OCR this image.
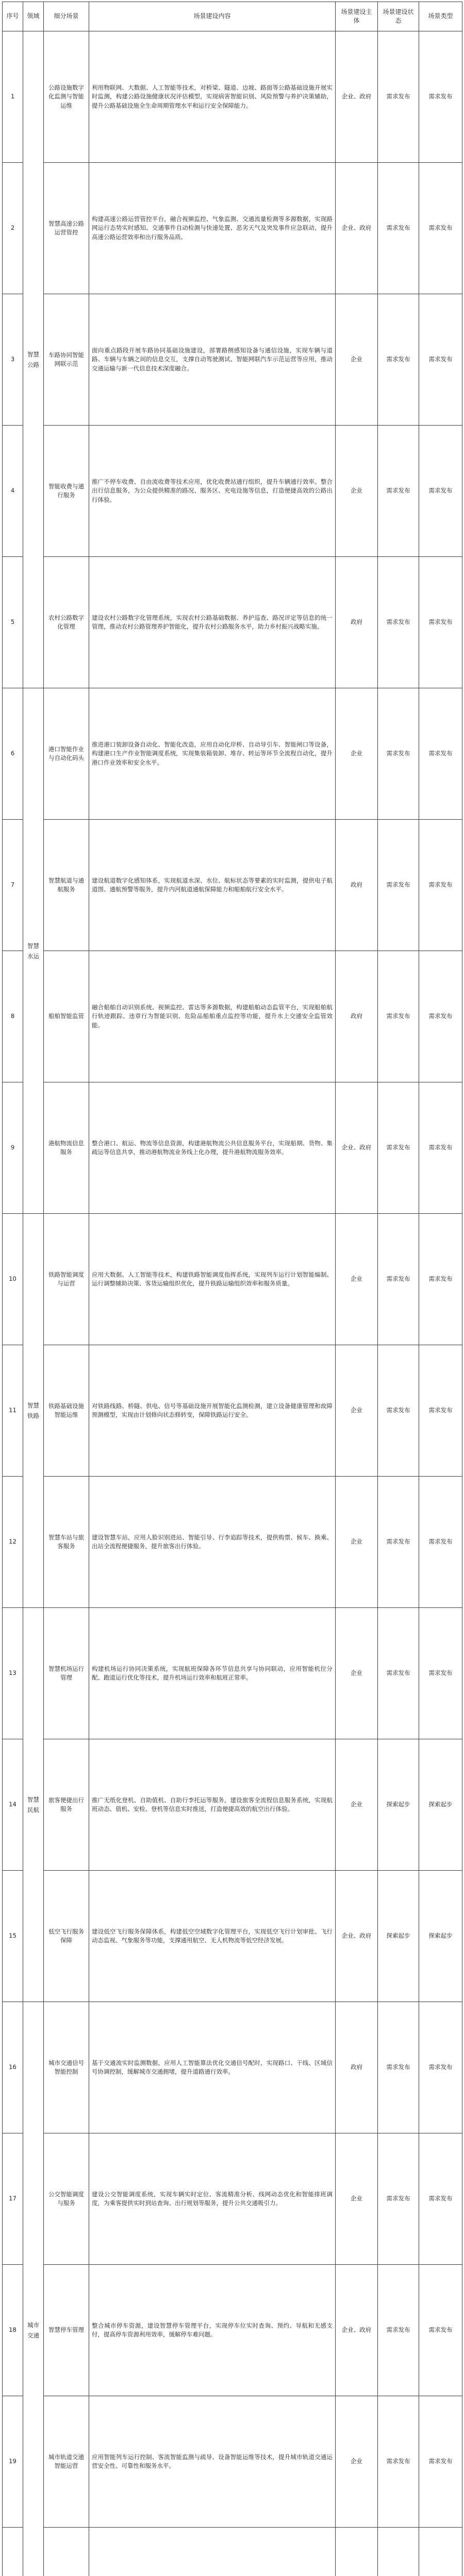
序号	领域	细分场景	场景建设内容	场景建设主体	场景建设状态	场景类型
1	智慧公路	公路设施数字化监测与智能运维	利用物联网、大数据、人工智能等技术，对桥梁、隧道、边坡、路面等公路基础设施开展实时监测，构建公路设施健康状况评估模型，实现病害智能识别、风险预警与养护决策辅助，提升公路基础设施全生命周期管理水平和运行安全保障能力。	企业、政府	需求发布	需求发布
2		智慧高速公路运营管控	构建高速公路运营管控平台，融合视频监控、气象监测、交通流量检测等多源数据，实现路网运行态势实时感知、交通事件自动检测与快速处置、恶劣天气及突发事件应急联动，提升高速公路运营效率和出行服务品质。	企业、政府	需求发布	需求发布
3		车路协同智能网联示范	面向重点路段开展车路协同基础设施建设，部署路侧感知设备与通信设施，实现车辆与道路、车辆与车辆之间的信息交互，支撑自动驾驶测试、智能网联汽车示范运营等应用，推动交通运输与新一代信息技术深度融合。	企业	需求发布	需求发布
4		智能收费与通行服务	推广不停车收费、自由流收费等技术应用，优化收费站通行组织，提升车辆通行效率。整合出行信息服务，为公众提供精准的路况、服务区、充电设施等信息，打造便捷高效的公路出行体验。	企业	需求发布	需求发布
5		农村公路数字化管理	建设农村公路数字化管理系统，实现农村公路基础数据、养护巡查、路况评定等信息的统一管理，推动农村公路管理养护智能化，提升农村公路服务水平，助力乡村振兴战略实施。	政府	需求发布	需求发布
6	智慧水运	港口智能作业与自动化码头	推进港口装卸设备自动化、智能化改造，应用自动化岸桥、自动导引车、智能闸口等设备，构建港口生产作业智能调度系统，实现集装箱装卸、堆存、转运等环节全流程自动化，提升港口作业效率和安全水平。	企业	需求发布	需求发布
7		智慧航道与通航服务	建设航道数字化感知体系，实现航道水深、水位、航标状态等要素的实时监测，提供电子航道图、通航预警等服务，提升内河航道通航保障能力和船舶航行安全水平。	政府	需求发布	需求发布
8		船舶智能监管	融合船舶自动识别系统、视频监控、雷达等多源数据，构建船舶动态监管平台，实现船舶航行轨迹跟踪、违章行为智能识别、危险品船舶重点监控等功能，提升水上交通安全监管效能。	政府	需求发布	需求发布
9		港航物流信息服务	整合港口、航运、物流等信息资源，构建港航物流公共信息服务平台，实现船期、货物、集疏运等信息共享，推动港航物流业务线上化办理，提升港航物流服务效率。	企业、政府	需求发布	需求发布
10	智慧铁路	铁路智能调度与运营	应用大数据、人工智能等技术，构建铁路智能调度指挥系统，实现列车运行计划智能编制、运行调整辅助决策、客货运输组织优化，提升铁路运输组织效率和服务质量。	企业	需求发布	需求发布
11		铁路基础设施智能运维	对铁路线路、桥隧、供电、信号等基础设施开展智能化监测检测，建立设备健康管理和故障预测模型，实现由计划修向状态修转变，保障铁路运行安全。	企业	需求发布	需求发布
12		智慧车站与旅客服务	建设智慧车站，应用人脸识别进站、智能引导、行李追踪等技术，提供购票、候车、换乘、出站全流程便捷服务，提升旅客出行体验。	企业	需求发布	需求发布
13	智慧民航	智慧机场运行管理	构建机场运行协同决策系统，实现航班保障各环节信息共享与协同联动，应用智能机位分配、跑道运行优化等技术，提升机场运行效率和航班正常率。	企业	需求发布	需求发布
14		旅客便捷出行服务	推广无纸化登机、自助值机、自助行李托运等服务，建设旅客全流程信息服务系统，实现航班动态、值机、安检、登机等信息实时推送，打造便捷高效的航空出行体验。	企业	探索起步	探索起步
15		低空飞行服务保障	建设低空飞行服务保障体系，构建低空空域数字化管理平台，实现低空飞行计划审批、飞行动态监视、气象服务等功能，支撑通用航空、无人机物流等低空经济发展。	企业、政府	探索起步	探索起步
16	城市交通	城市交通信号智能控制	基于交通流实时监测数据，应用人工智能算法优化交通信号配时，实现路口、干线、区域信号协调控制，缓解城市交通拥堵，提升道路通行效率。	政府	需求发布	需求发布
17		公交智能调度与服务	建设公交智能调度系统，实现车辆实时定位、客流精准分析、线网动态优化和智能排班调度，为乘客提供实时到站查询、出行规划等服务，提升公共交通吸引力。	企业	需求发布	需求发布
18		智慧停车管理	整合城市停车资源，建设智慧停车管理平台，实现停车位实时查询、预约、导航和无感支付，提高停车资源利用效率，缓解停车难问题。	企业、政府	需求发布	需求发布
19		城市轨道交通智能运营	应用智能列车运行控制、客流智能监测与疏导、设备智能运维等技术，提升城市轨道交通运营安全性、可靠性和服务水平。	企业	需求发布	需求发布
